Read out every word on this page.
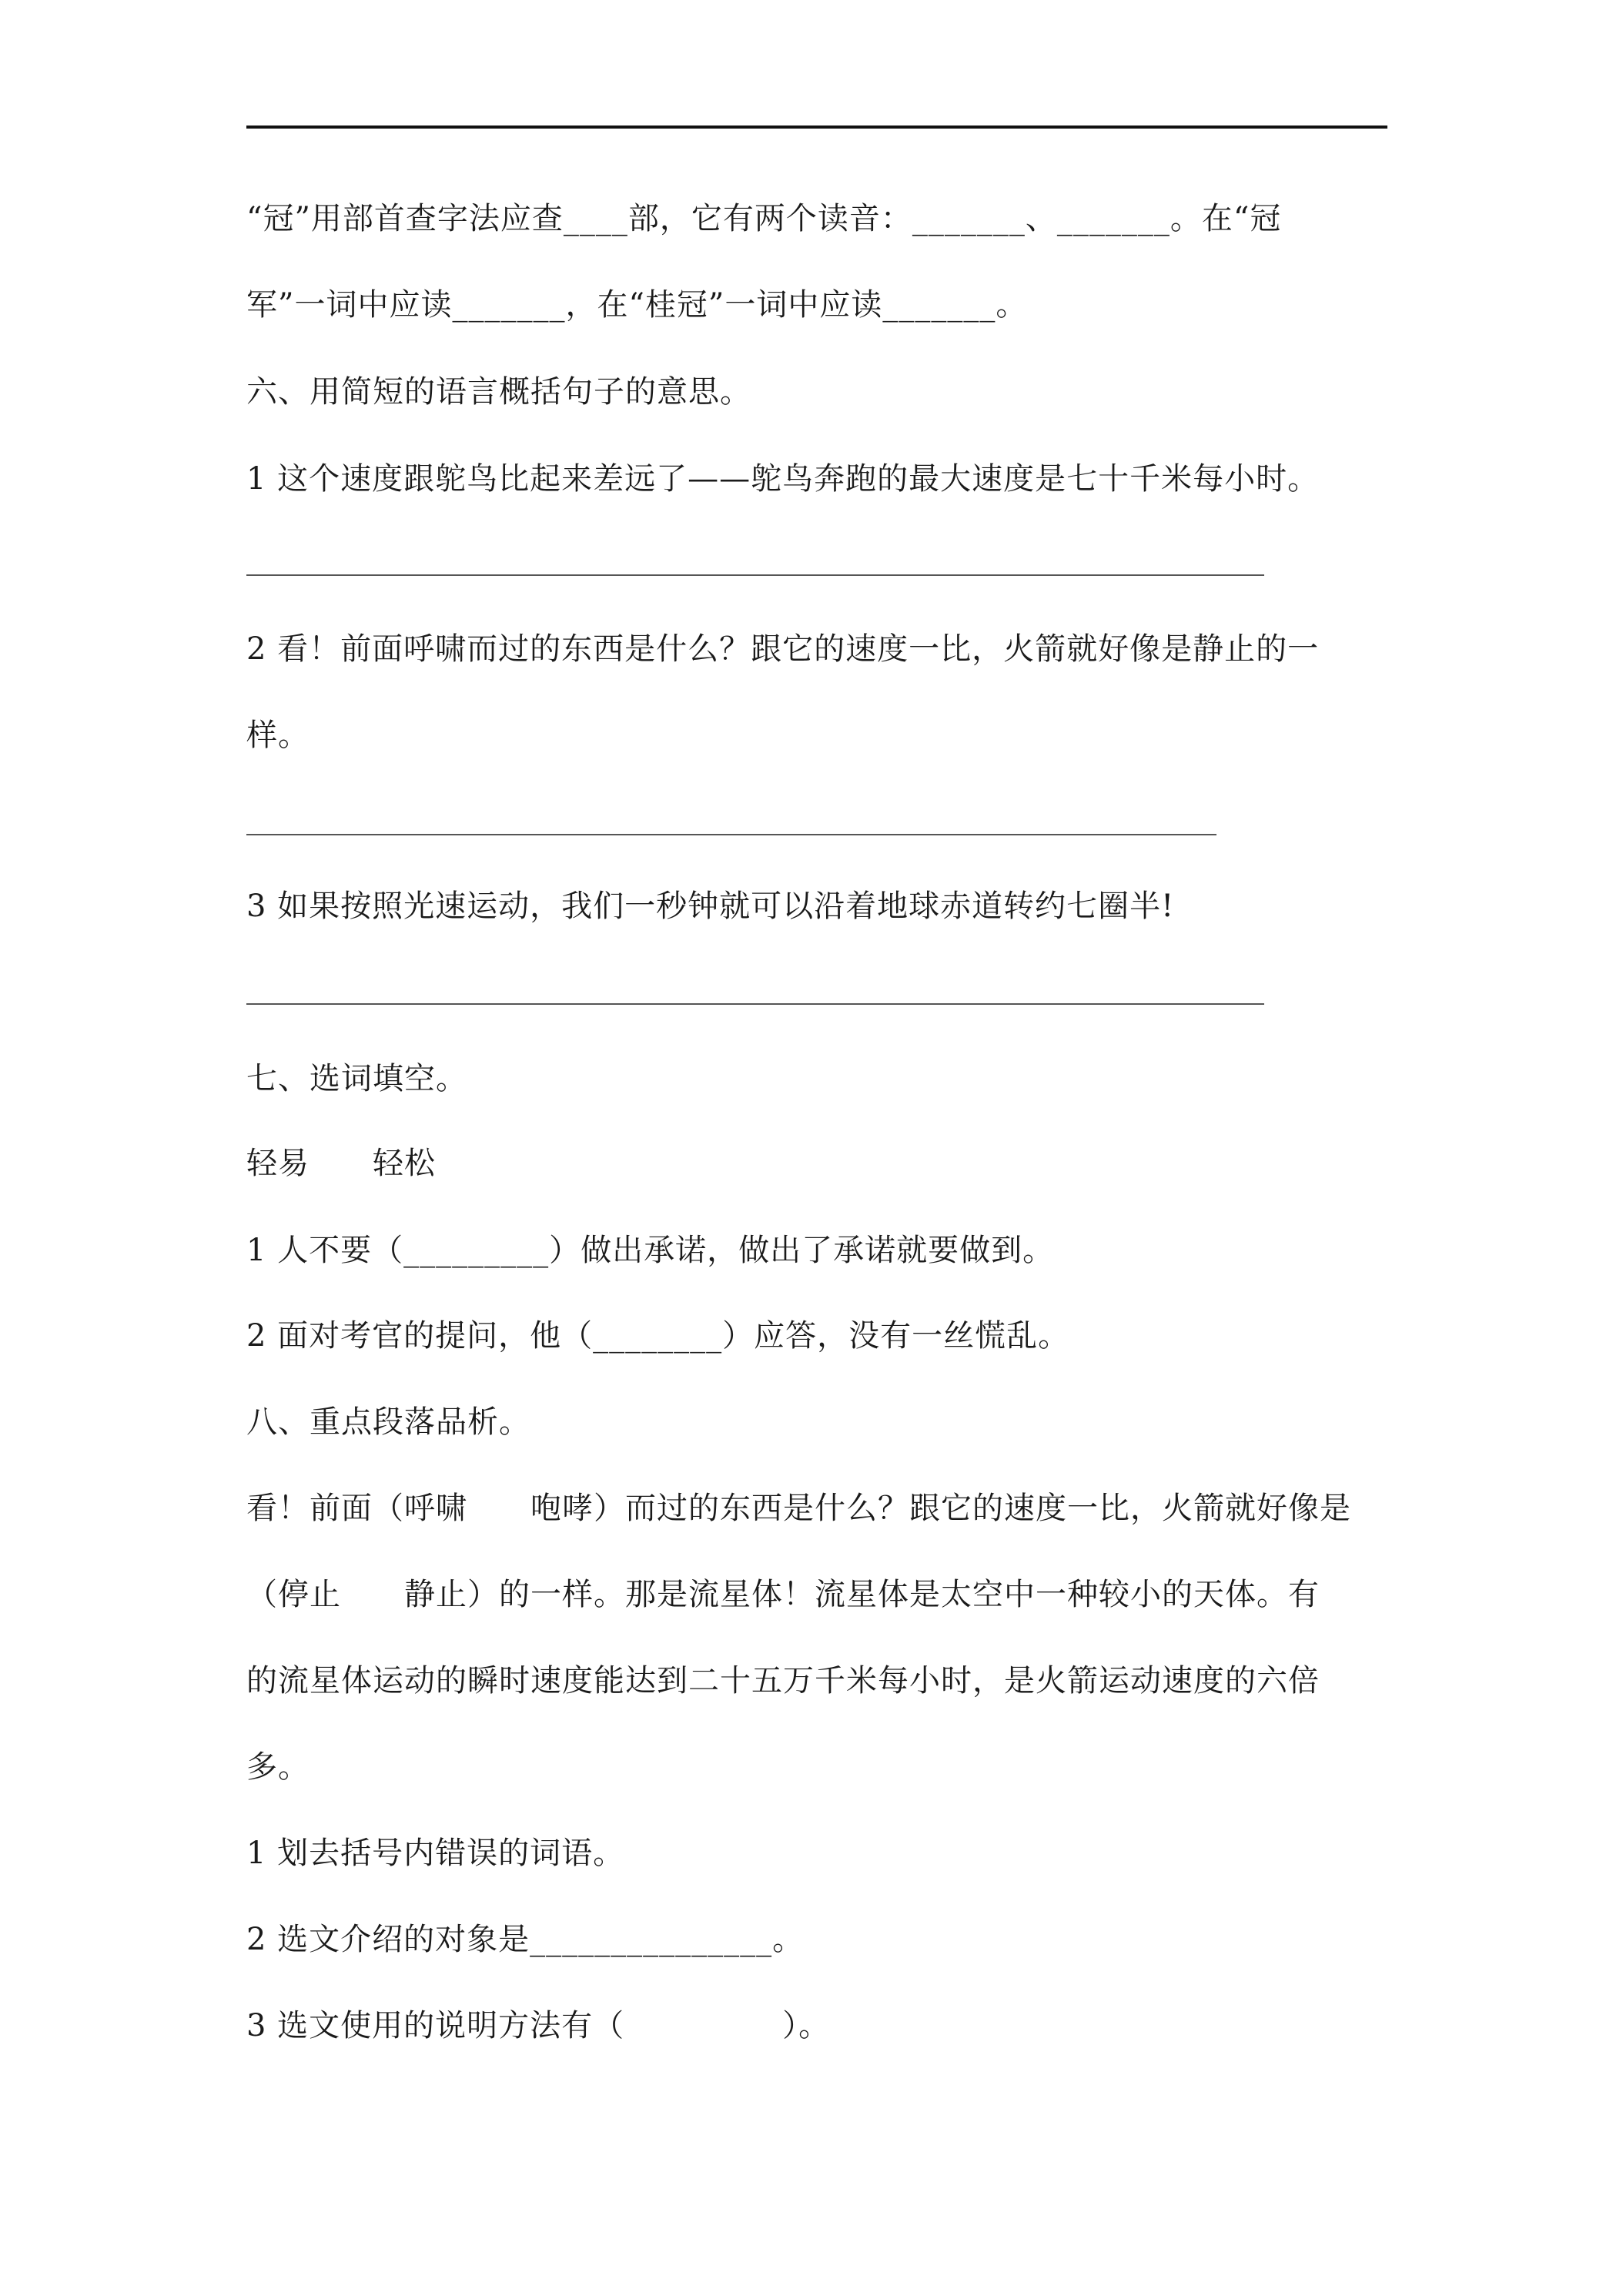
“冠”用部首查字法应查____部，它有两个读音：_______、_______。在“冠
军”一词中应读_______，在“桂冠”一词中应读_______。
六、用简短的语言概括句子的意思。
1 这个速度跟鸵鸟比起来差远了——鸵鸟奔跑的最大速度是七十千米每小时。
2 看！前面呼啸而过的东西是什么？跟它的速度一比，火箭就好像是静止的一
样。
3 如果按照光速运动，我们一秒钟就可以沿着地球赤道转约七圈半!
七、选词填空。
轻易　　轻松
1 人不要（_________）做出承诺，做出了承诺就要做到。
2 面对考官的提问，他（________）应答，没有一丝慌乱。
八、重点段落品析。
看！前面（呼啸　　咆哮）而过的东西是什么？跟它的速度一比，火箭就好像是
（停止　　静止）的一样。那是流星体！流星体是太空中一种较小的天体。有
的流星体运动的瞬时速度能达到二十五万千米每小时，是火箭运动速度的六倍
多。
1 划去括号内错误的词语。
2 选文介绍的对象是_______________。
3 选文使用的说明方法有（　　　　　）。
